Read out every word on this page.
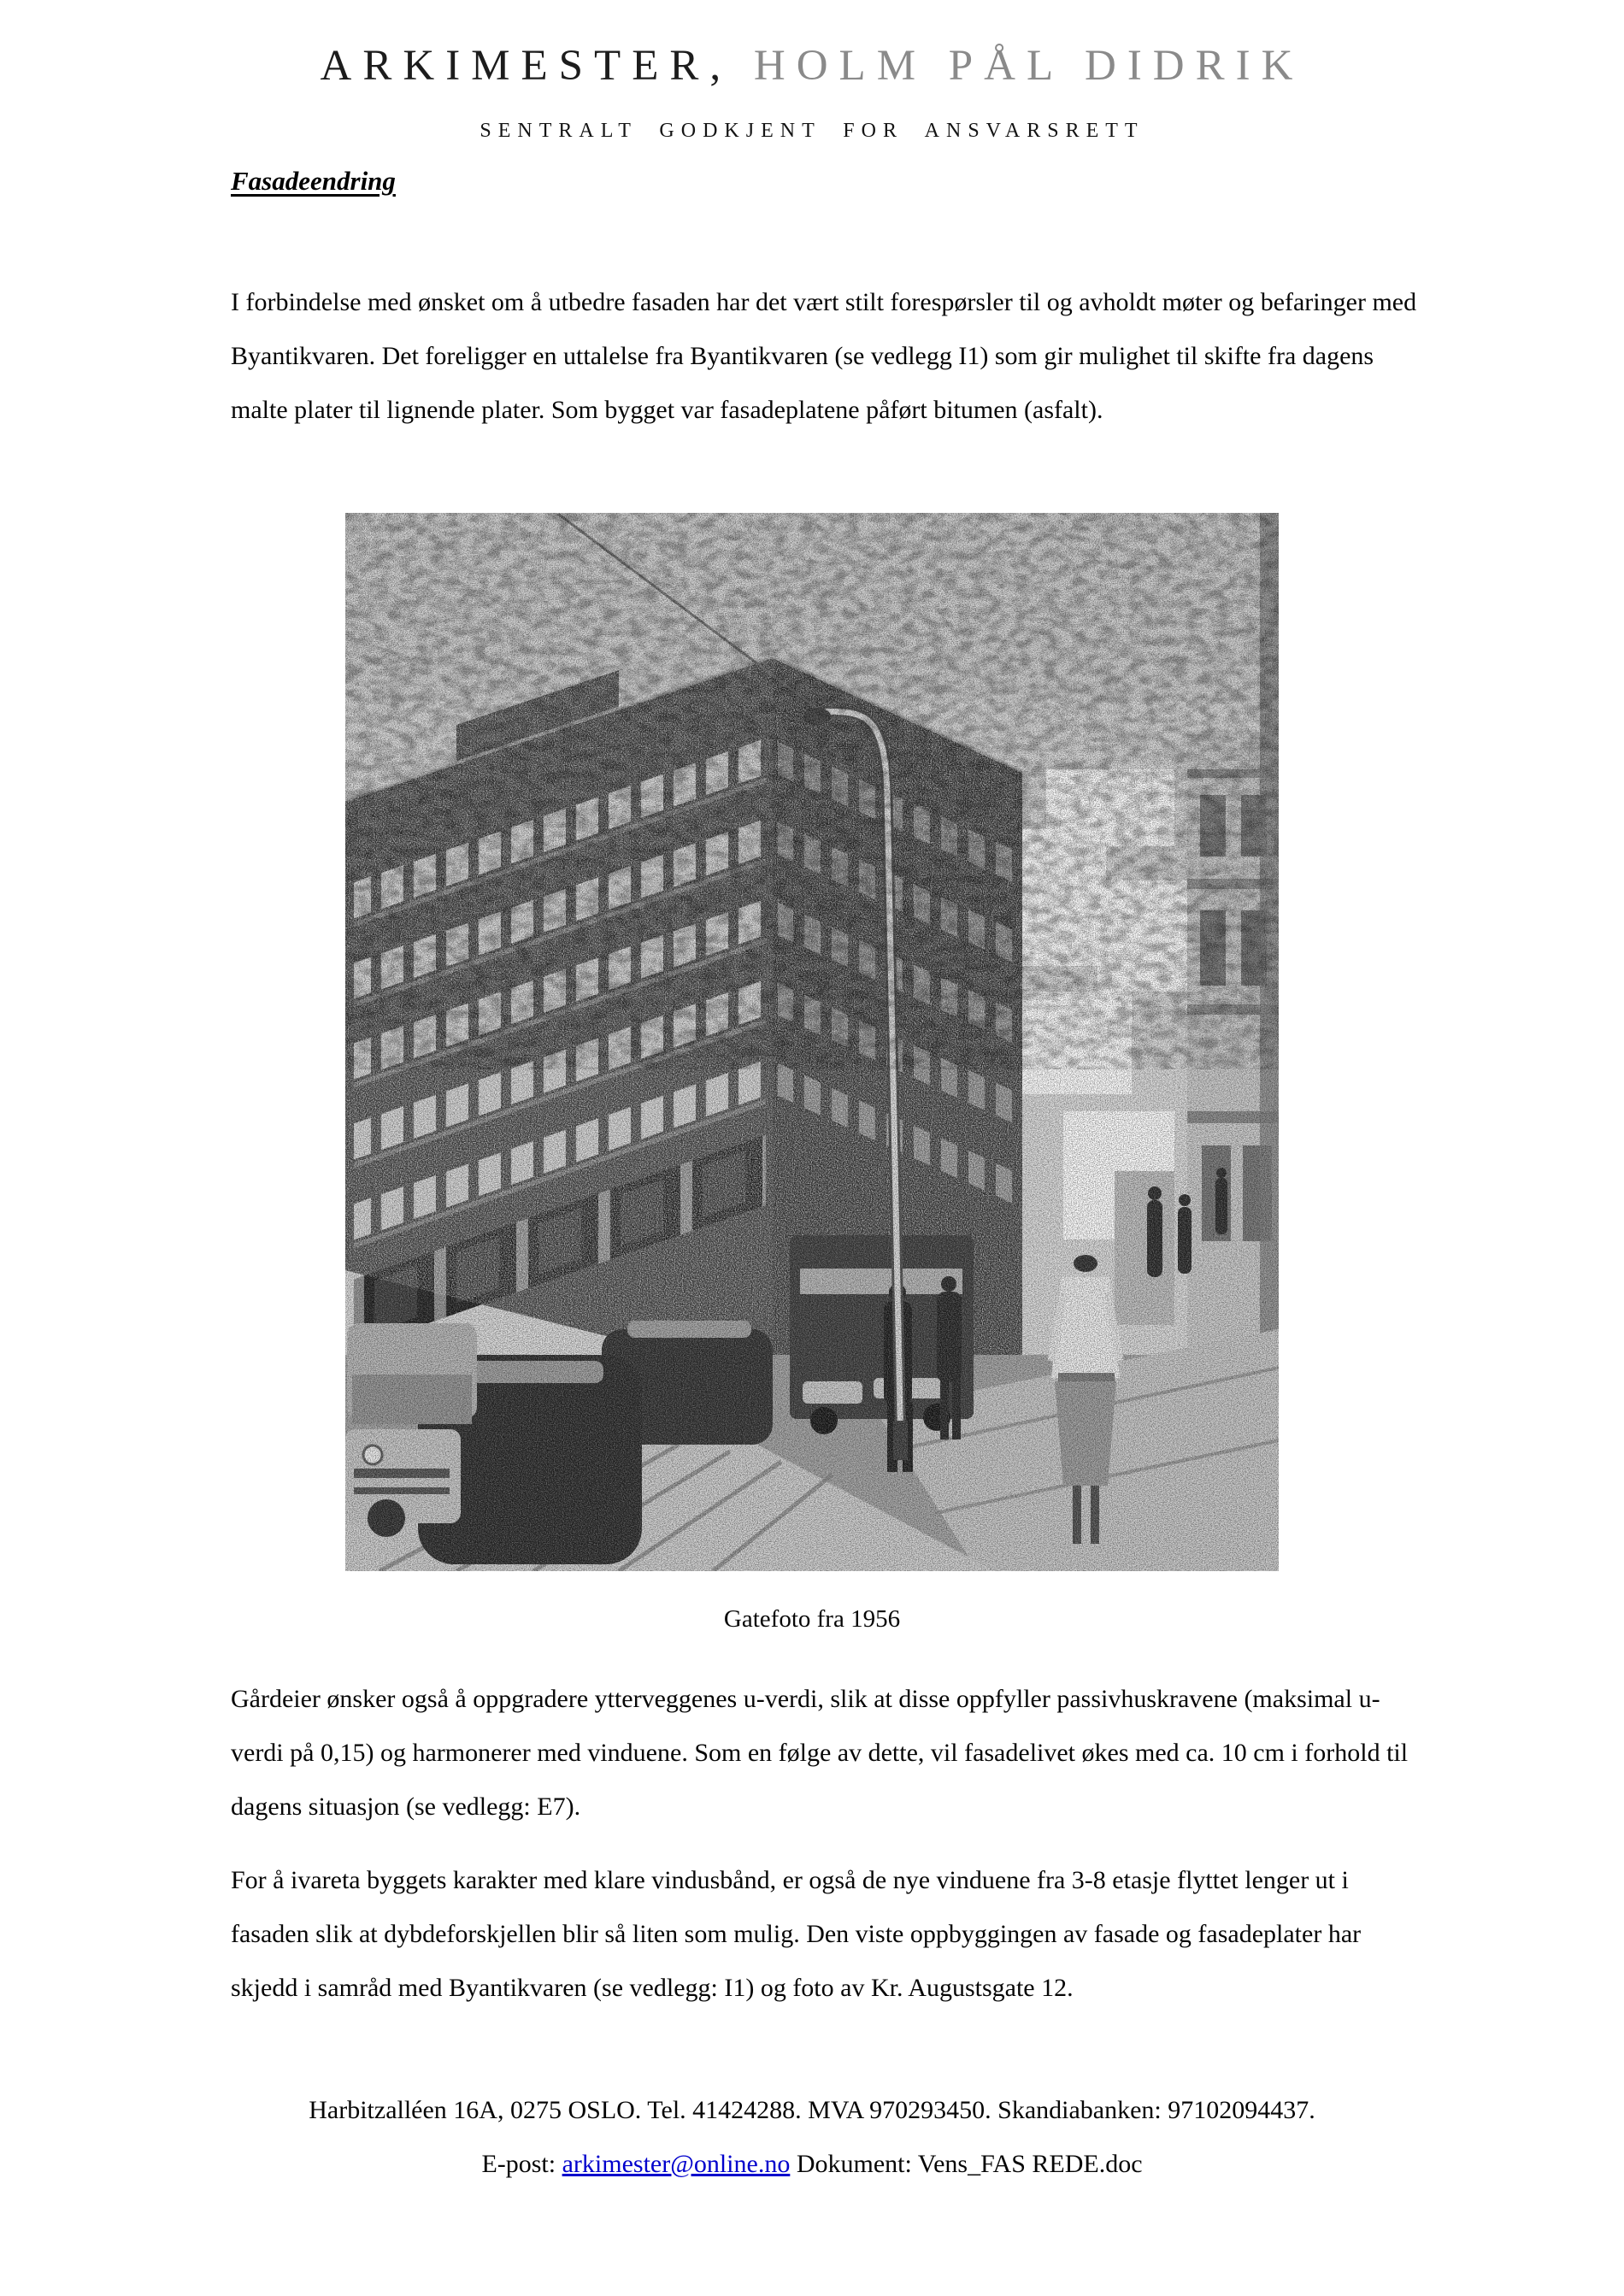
ARKIMESTER, HOLM PÅL DIDRIK
SENTRALT GODKJENT FOR ANSVARSRETT
Fasadeendring

I forbindelse med ønsket om å utbedre fasaden har det vært stilt forespørsler til og avholdt møter og befaringer med Byantikvaren. Det foreligger en uttalelse fra Byantikvaren (se vedlegg I1) som gir mulighet til skifte fra dagens malte plater til lignende plater. Som bygget var fasadeplatene påført bitumen (asfalt).

Gatefoto fra 1956

Gårdeier ønsker også å oppgradere ytterveggenes u-verdi, slik at disse oppfyller passivhuskravene (maksimal u-verdi på 0,15) og harmonerer med vinduene. Som en følge av dette, vil fasadelivet økes med ca. 10 cm i forhold til dagens situasjon (se vedlegg: E7).

For å ivareta byggets karakter med klare vindusbånd, er også de nye vinduene fra 3-8 etasje flyttet lenger ut i fasaden slik at dybdeforskjellen blir så liten som mulig. Den viste oppbyggingen av fasade og fasadeplater har skjedd i samråd med Byantikvaren (se vedlegg: I1) og foto av Kr. Augustsgate 12.

Harbitzalléen 16A, 0275 OSLO. Tel. 41424288. MVA 970293450. Skandiabanken: 97102094437.
E-post: arkimester@online.no Dokument: Vens_FAS REDE.doc
